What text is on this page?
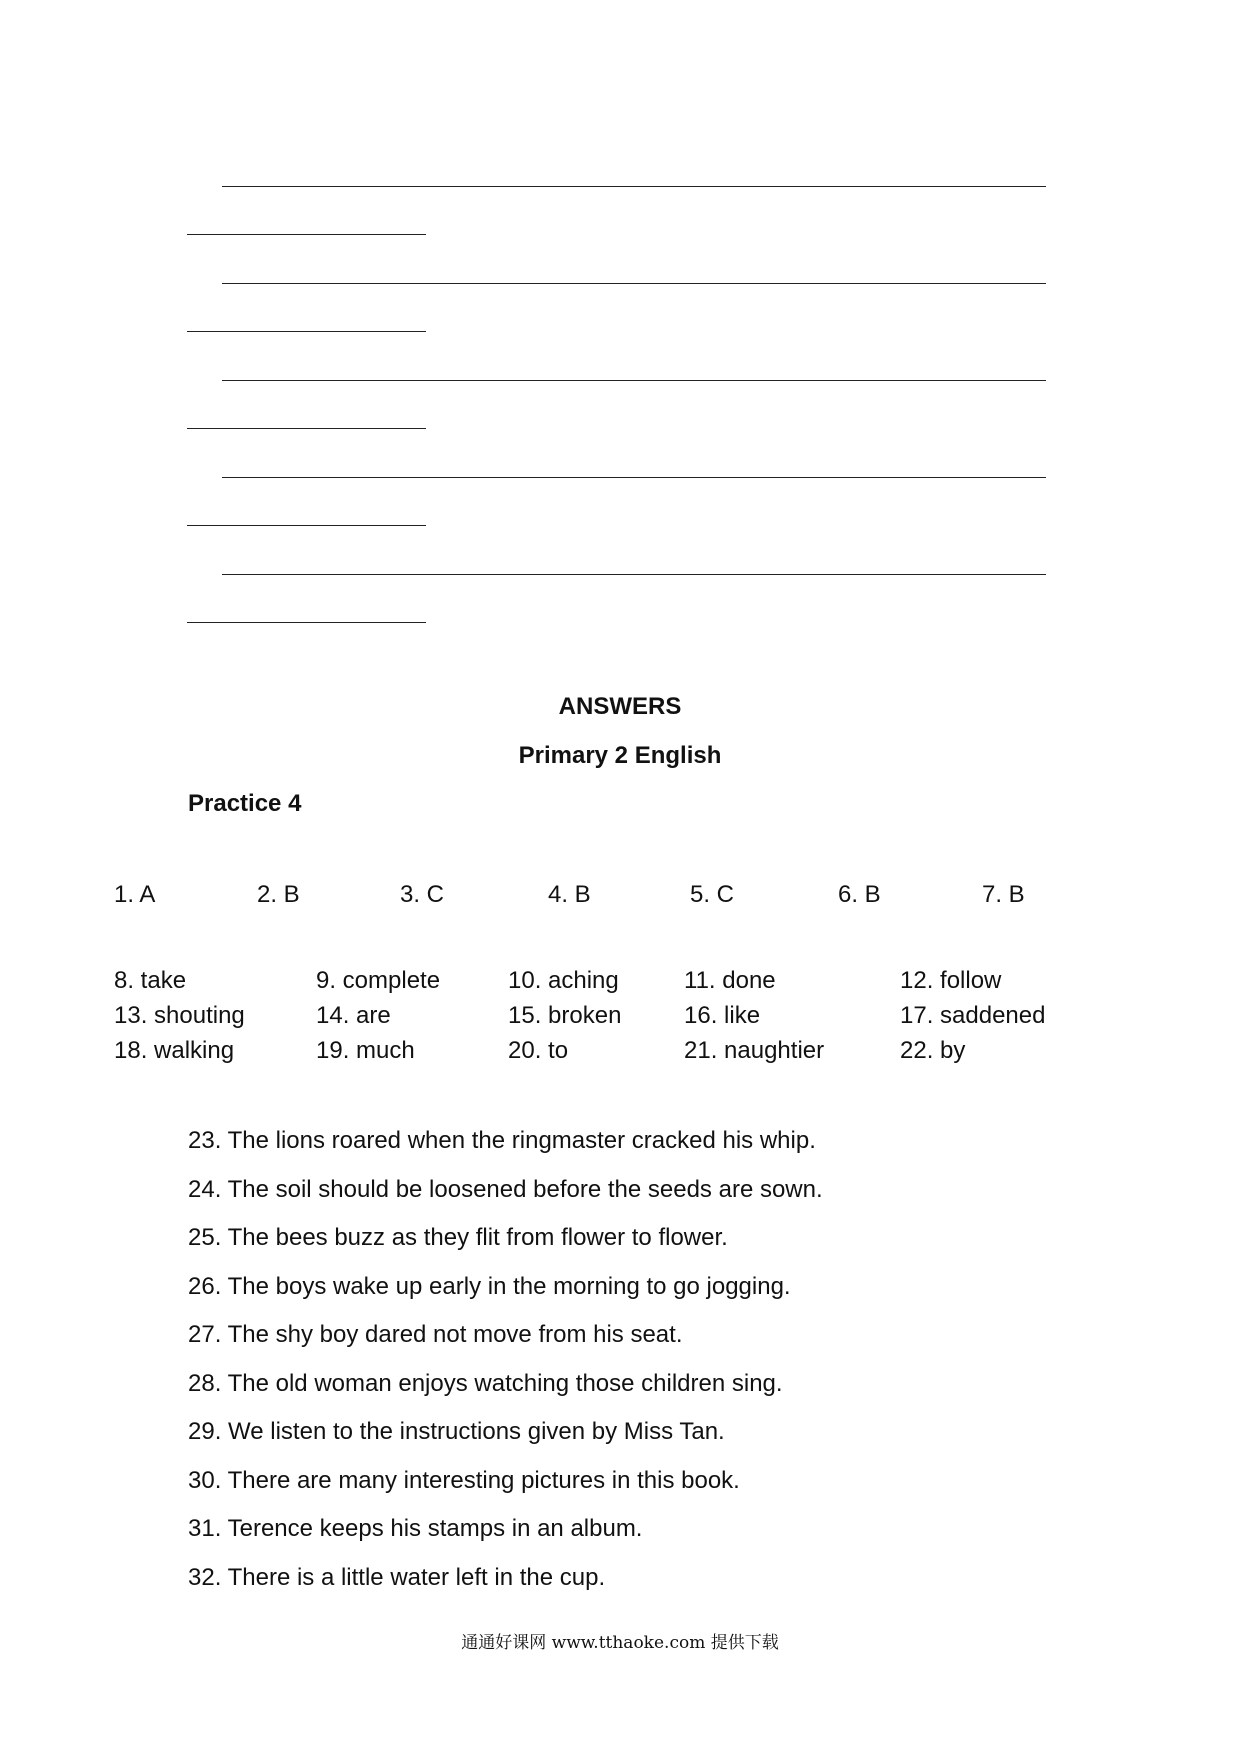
ANSWERS
Primary 2 English
Practice 4
1. A	2. B	3. C	4. B	5. C	6. B	7. B
8. take	9. complete	10. aching	11. done	12. follow
13. shouting	14. are	15. broken	16. like	17. saddened
18. walking	19. much	20. to	21. naughtier	22. by
23. The lions roared when the ringmaster cracked his whip.
24. The soil should be loosened before the seeds are sown.
25. The bees buzz as they flit from flower to flower.
26. The boys wake up early in the morning to go jogging.
27. The shy boy dared not move from his seat.
28. The old woman enjoys watching those children sing.
29. We listen to the instructions given by Miss Tan.
30. There are many interesting pictures in this book.
31. Terence keeps his stamps in an album.
32. There is a little water left in the cup.
通通好课网 www.tthaoke.com 提供下载
